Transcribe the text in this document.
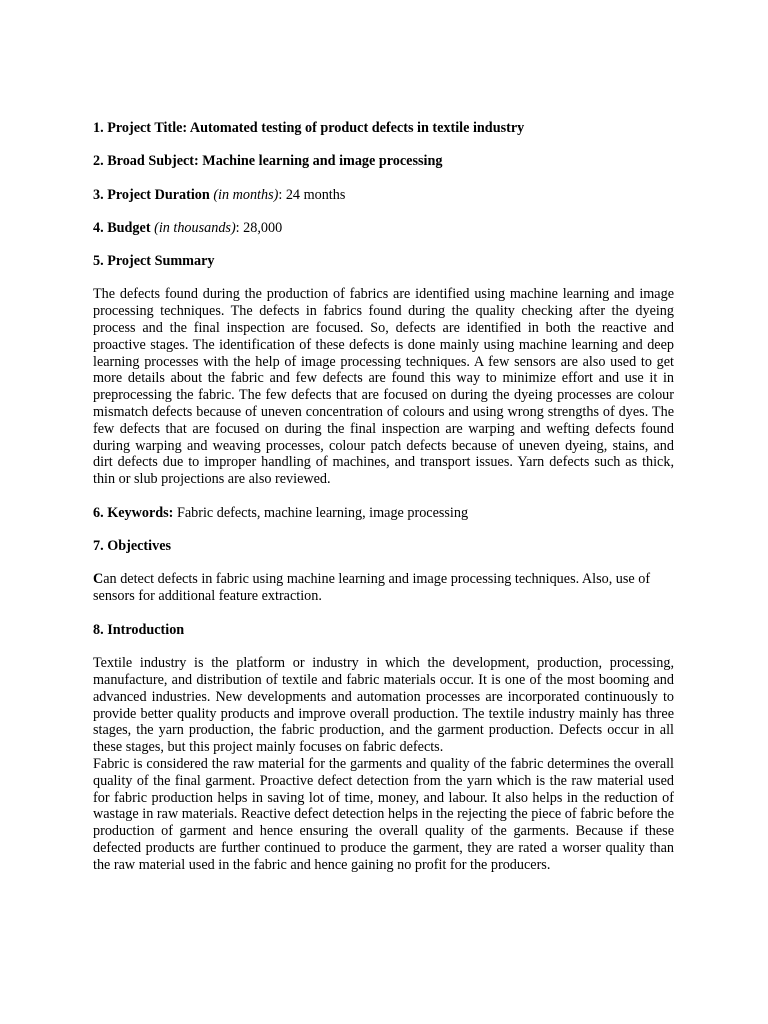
1. Project Title: Automated testing of product defects in textile industry
2. Broad Subject: Machine learning and image processing
3. Project Duration (in months): 24 months
4. Budget (in thousands): 28,000
5. Project Summary

The defects found during the production of fabrics are identified using machine learning and image processing techniques. The defects in fabrics found during the quality checking after the dyeing process and the final inspection are focused. So, defects are identified in both the reactive and proactive stages. The identification of these defects is done mainly using machine learning and deep learning processes with the help of image processing techniques. A few sensors are also used to get more details about the fabric and few defects are found this way to minimize effort and use it in preprocessing the fabric. The few defects that are focused on during the dyeing processes are colour mismatch defects because of uneven concentration of colours and using wrong strengths of dyes. The few defects that are focused on during the final inspection are warping and wefting defects found during warping and weaving processes, colour patch defects because of uneven dyeing, stains, and dirt defects due to improper handling of machines, and transport issues. Yarn defects such as thick, thin or slub projections are also reviewed.

6. Keywords: Fabric defects, machine learning, image processing
7. Objectives

Can detect defects in fabric using machine learning and image processing techniques. Also, use of sensors for additional feature extraction.

8. Introduction

Textile industry is the platform or industry in which the development, production, processing, manufacture, and distribution of textile and fabric materials occur. It is one of the most booming and advanced industries. New developments and automation processes are incorporated continuously to provide better quality products and improve overall production. The textile industry mainly has three stages, the yarn production, the fabric production, and the garment production. Defects occur in all these stages, but this project mainly focuses on fabric defects.

Fabric is considered the raw material for the garments and quality of the fabric determines the overall quality of the final garment. Proactive defect detection from the yarn which is the raw material used for fabric production helps in saving lot of time, money, and labour. It also helps in the reduction of wastage in raw materials. Reactive defect detection helps in the rejecting the piece of fabric before the production of garment and hence ensuring the overall quality of the garments. Because if these defected products are further continued to produce the garment, they are rated a worser quality than the raw material used in the fabric and hence gaining no profit for the producers.
